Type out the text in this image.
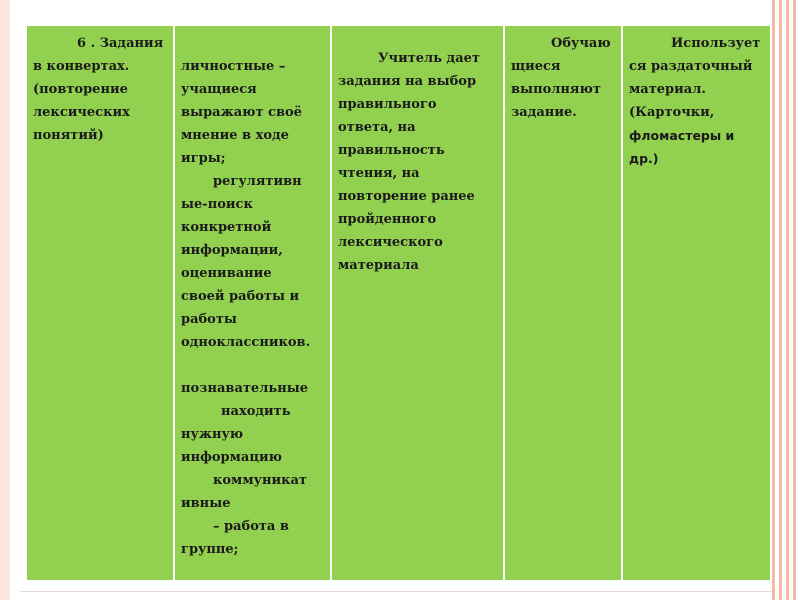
6 . Задания
в конвертах.
(повторение
лексических
понятий)
личностные –
учащиеся
выражают своё
мнение в ходе
игры;
регулятивн
ые-поиск
конкретной
информации,
оценивание
своей работы и
работы
одноклассников.
познавательные
находить
нужную
информацию
коммуникат
ивные
– работа в
группе;
Учитель дает
задания на выбор
правильного
ответа, на
правильность
чтения, на
повторение ранее
пройденного
лексического
материала
Обучаю
щиеся
выполняют
задание.
Использует
ся раздаточный
материал.
(Карточки,
фломастеры и
др.)
